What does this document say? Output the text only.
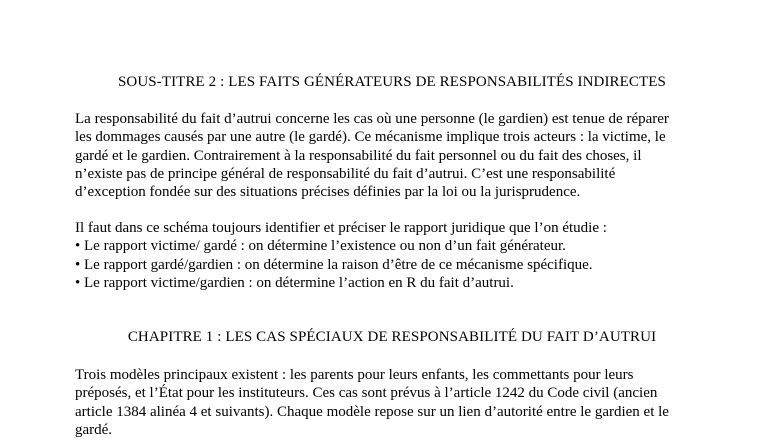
SOUS-TITRE 2 : LES FAITS GÉNÉRATEURS DE RESPONSABILITÉS INDIRECTES
La responsabilité du fait d’autrui concerne les cas où une personne (le gardien) est tenue de réparer
les dommages causés par une autre (le gardé). Ce mécanisme implique trois acteurs : la victime, le
gardé et le gardien. Contrairement à la responsabilité du fait personnel ou du fait des choses, il
n’existe pas de principe général de responsabilité du fait d’autrui. C’est une responsabilité
d’exception fondée sur des situations précises définies par la loi ou la jurisprudence.
Il faut dans ce schéma toujours identifier et préciser le rapport juridique que l’on étudie :
• Le rapport victime/ gardé : on détermine l’existence ou non d’un fait générateur.
• Le rapport gardé/gardien : on détermine la raison d’être de ce mécanisme spécifique.
• Le rapport victime/gardien : on détermine l’action en R du fait d’autrui.
CHAPITRE 1 : LES CAS SPÉCIAUX DE RESPONSABILITÉ DU FAIT D’AUTRUI
Trois modèles principaux existent : les parents pour leurs enfants, les commettants pour leurs
préposés, et l’État pour les instituteurs. Ces cas sont prévus à l’article 1242 du Code civil (ancien
article 1384 alinéa 4 et suivants). Chaque modèle repose sur un lien d’autorité entre le gardien et le
gardé.
